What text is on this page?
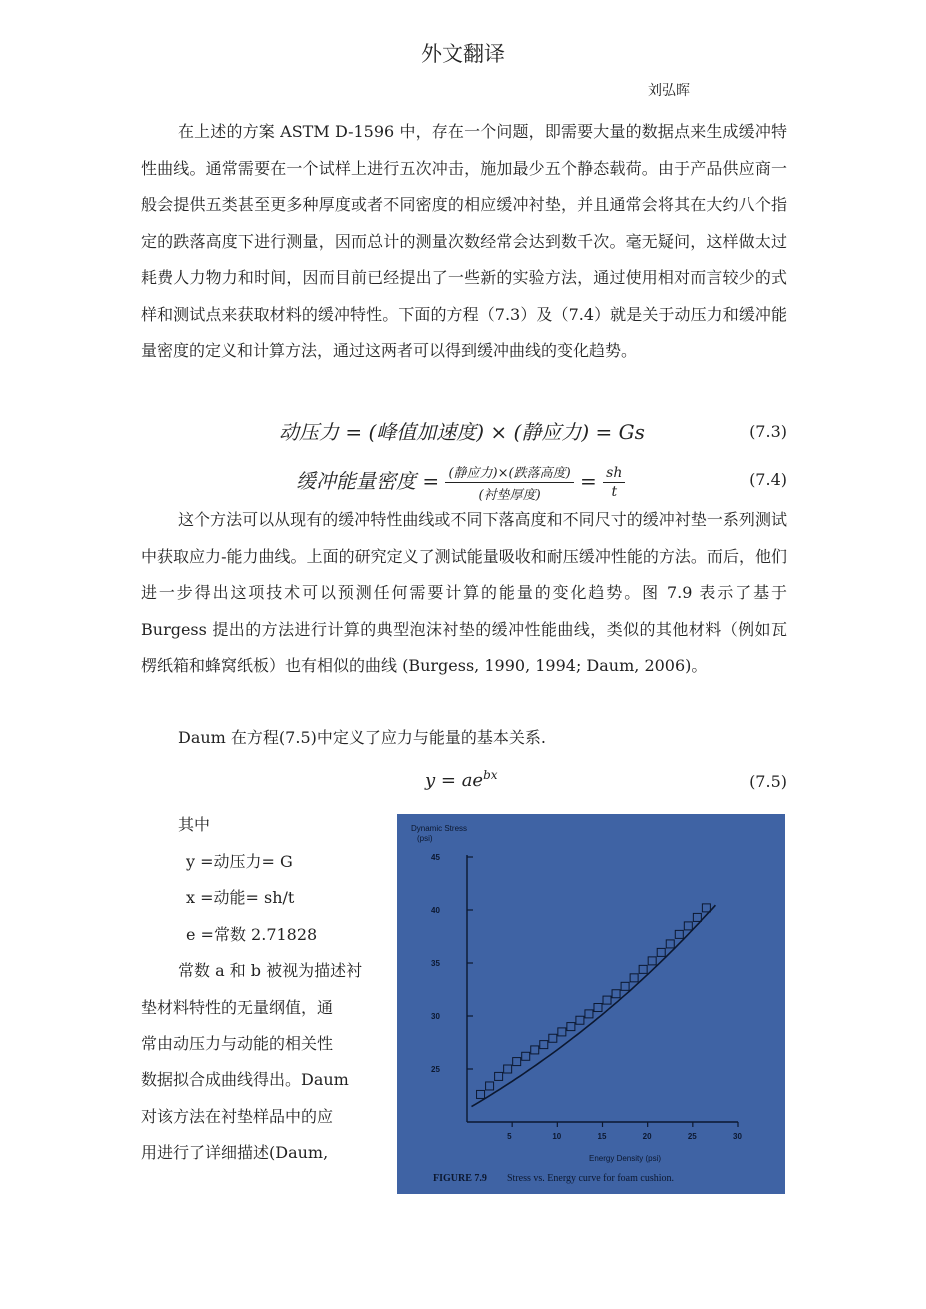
外文翻译
刘弘晖

在上述的方案 ASTM D-1596 中，存在一个问题，即需要大量的数据点来生成缓冲特性曲线。通常需要在一个试样上进行五次冲击，施加最少五个静态载荷。由于产品供应商一般会提供五类甚至更多种厚度或者不同密度的相应缓冲衬垫，并且通常会将其在大约八个指定的跌落高度下进行测量，因而总计的测量次数经常会达到数千次。毫无疑问，这样做太过耗费人力物力和时间，因而目前已经提出了一些新的实验方法，通过使用相对而言较少的式样和测试点来获取材料的缓冲特性。下面的方程（7.3）及（7.4）就是关于动压力和缓冲能量密度的定义和计算方法，通过这两者可以得到缓冲曲线的变化趋势。

动压力 = (峰值加速度) × (静应力) = Gs	(7.3)
缓冲能量密度 = $\frac{\text{(静应力)×(跌落高度)}}{\text{(衬垫厚度)}} = \frac{sh}{t}$	(7.4)

这个方法可以从现有的缓冲特性曲线或不同下落高度和不同尺寸的缓冲衬垫一系列测试中获取应力-能力曲线。上面的研究定义了测试能量吸收和耐压缓冲性能的方法。而后，他们进一步得出这项技术可以预测任何需要计算的能量的变化趋势。图 7.9 表示了基于 Burgess 提出的方法进行计算的典型泡沫衬垫的缓冲性能曲线，类似的其他材料（例如瓦楞纸箱和蜂窝纸板）也有相似的曲线 (Burgess, 1990, 1994; Daum, 2006)。

Daum 在方程(7.5)中定义了应力与能量的基本关系.

$y = ae^{bx}$	(7.5)
其中
y =动压力= G
x =动能= sh/t
e =常数 2.71828
常数 a 和 b 被视为描述衬
垫材料特性的无量纲值，通
常由动压力与动能的相关性
数据拟合成曲线得出。Daum
对该方法在衬垫样品中的应
用进行了详细描述(Daum,
Dynamic Stress
(psi)
Energy Density (psi)
FIGURE 7.9 Stress vs. Energy curve for foam cushion.
25
30
35
40
45
5	10	15	20	25	30
